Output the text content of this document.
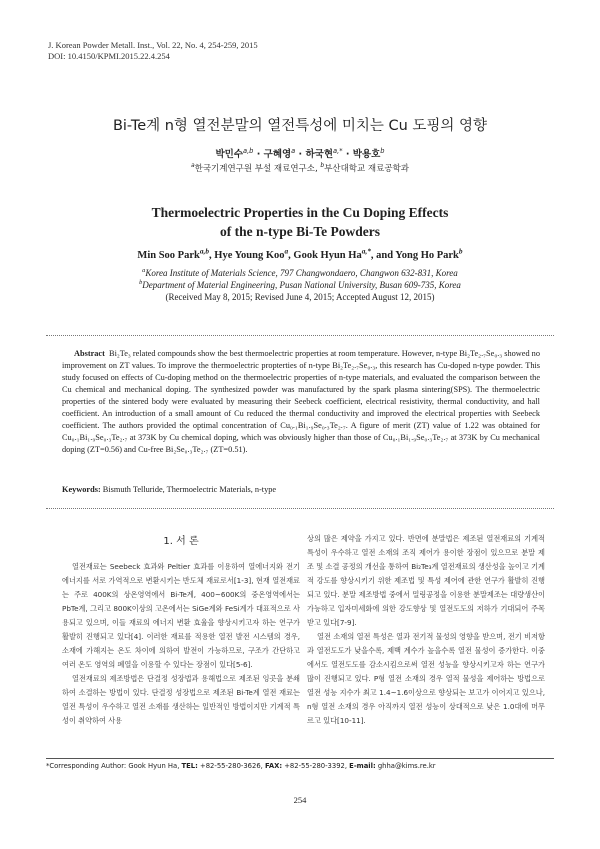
J. Korean Powder Metall. Inst., Vol. 22, No. 4, 254-259, 2015
DOI: 10.4150/KPMI.2015.22.4.254
Bi-Te계 n형 열전분말의 열전특성에 미치는 Cu 도핑의 영향
박민수$^{a,b}$ · 구혜영$^a$ · 하국현$^{a,*}$ · 박용호$^b$
$^a$한국기계연구원 부설 재료연구소, $^b$부산대학교 재료공학과
Thermoelectric Properties in the Cu Doping Effects
of the n-type Bi-Te Powders
Min Soo Park$^{a,b}$, Hye Young Koo$^a$, Gook Hyun $Ha^{a,*}$, and Yong Ho Park$^b$
$^a$Korea Institute of Materials Science, 797 Changwondaero, Changwon 632-831, Korea
$^b$Department of Material Engineering, Pusan National University, Busan 609-735, Korea
(Received May 8, 2015; Revised June 4, 2015; Accepted August 12, 2015)
Abstract Bi₂Te₃ related compounds show the best thermoelectric properties at room temperature. However, n-type Bi₂Te₂.₇Se₀.₃ showed no improvement on ZT values. To improve the thermoelectric propterties of n-type Bi₂Te₂.₇Se₀.₃, this research has Cu-doped n-type powder. This study focused on effects of Cu-doping method on the thermoelectric properties of n-type materials, and evaluated the comparison between the Cu chemical and mechanical doping. The synthesized powder was manufactured by the spark plasma sintering(SPS). The thermoelectric properties of the sintered body were evaluated by measuring their Seebeck coefficient, electrical resistivity, thermal conductivity, and hall coefficient. An introduction of a small amount of Cu reduced the thermal conductivity and improved the electrical properties with Seebeck coefficient. The authors provided the optimal concentration of Cu₀.₁Bi₁.₉Se₀.₃Te₂.₇. A figure of merit (ZT) value of 1.22 was obtained for Cu₀.₁Bi₁.₉Se₀.₃Te₂.₇ at 373K by Cu chemical doping, which was obviously higher than those of Cu₀.₁Bi₁.₉Se₀.₃Te₂.₇ at 373K by Cu mechanical doping (ZT=0.56) and Cu-free Bi₂Se₀.₃Te₂.₇ (ZT=0.51).
Keywords: Bismuth Telluride, Thermoelectric Materials, n-type
1. 서 론

열전재료는 Seebeck 효과와 Peltier 효과를 이용하여 열에너지와 전기에너지를 서로 가역적으로 변환시키는 반도체 재료로서[1-3], 현재 열전재료는 주로 400K의 상온영역에서 Bi-Te계, 400~600K의 중온영역에서는 PbTe계, 그리고 800K이상의 고온에서는 SiGe계와 FeSi계가 대표적으로 사용되고 있으며, 이들 재료의 에너지 변환 효율을 향상시키고자 하는 연구가 활발히 진행되고 있다[4]. 이러한 재료를 적용한 열전 발전 시스템의 경우, 소재에 가해지는 온도 차이에 의하여 발전이 가능하므로, 구조가 간단하고 여러 온도 영역의 폐열을 이용할 수 있다는 장점이 있다[5-6].

열전재료의 제조방법은 단결정 성장법과 용해법으로 제조된 잉곳을 분쇄하여 소결하는 방법이 있다. 단결정 성장법으로 제조된 Bi-Te계 열전 재료는 열전 특성이 우수하고 열전 소재를 생산하는 일반적인 방법이지만 기계적 특성이 취약하여 사용

상의 많은 제약을 가지고 있다. 반면에 분말법은 제조된 열전재료의 기계적 특성이 우수하고 열전 소재의 조직 제어가 용이한 장점이 있으므로 분말 제조 및 소결 공정의 개선을 통하여 Bi₂Te₃계 열전재료의 생산성을 높이고 기계적 강도를 향상시키기 위한 제조법 및 특성 제어에 관한 연구가 활발히 진행되고 있다. 분말 제조방법 중에서 밀링공정을 이용한 분말제조는 대량생산이 가능하고 입자미세화에 의한 강도향상 및 열전도도의 저하가 기대되어 주목받고 있다[7-9].

열전 소재의 열전 특성은 열과 전기적 물성의 영향을 받으며, 전기 비저항과 열전도도가 낮을수록, 제백 계수가 높을수록 열전 물성이 증가한다. 이중에서도 열전도도를 감소시킴으로써 열전 성능을 향상시키고자 하는 연구가 많이 진행되고 있다. P형 열전 소재의 경우 열적 물성을 제어하는 방법으로 열전 성능 지수가 최고 1.4~1.6이상으로 향상되는 보고가 이어지고 있으나, n형 열전 소재의 경우 아직까지 열전 성능이 상대적으로 낮은 1.0대에 머무르고 있다[10-11].

*Corresponding Author: Gook Hyun Ha, TEL: +82-55-280-3626, FAX: +82-55-280-3392, E-mail: ghha@kims.re.kr
254
